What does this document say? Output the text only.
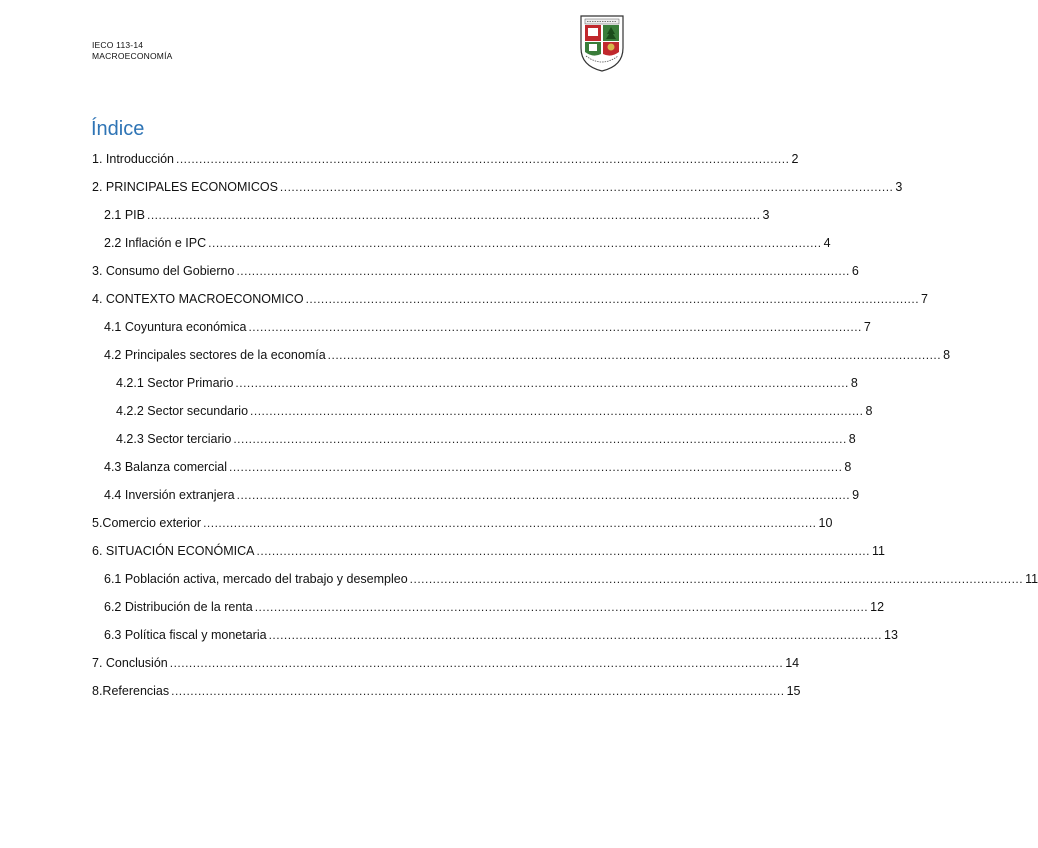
IECO 113-14
MACROECONOMÍA
Índice
1. Introducción ................................................................................................................................................................ 2
2. PRINCIPALES ECONOMICOS ................................................................................................................................................................ 3
2.1 PIB ................................................................................................................................................................ 3
2.2 Inflación e IPC ................................................................................................................................................................ 4
3. Consumo del Gobierno ................................................................................................................................................................ 6
4. CONTEXTO MACROECONOMICO ................................................................................................................................................................ 7
4.1 Coyuntura económica ................................................................................................................................................................ 7
4.2 Principales sectores de la economía ................................................................................................................................................................ 8
4.2.1 Sector Primario ................................................................................................................................................................ 8
4.2.2 Sector secundario ................................................................................................................................................................ 8
4.2.3 Sector terciario ................................................................................................................................................................ 8
4.3 Balanza comercial ................................................................................................................................................................ 8
4.4 Inversión extranjera ................................................................................................................................................................ 9
5.Comercio exterior ................................................................................................................................................................ 10
6. SITUACIÓN ECONÓMICA ................................................................................................................................................................ 11
6.1 Población activa, mercado del trabajo y desempleo ................................................................................................................................................................ 11
6.2 Distribución de la renta ................................................................................................................................................................ 12
6.3 Política fiscal y monetaria ................................................................................................................................................................ 13
7. Conclusión ................................................................................................................................................................ 14
8.Referencias ................................................................................................................................................................ 15
